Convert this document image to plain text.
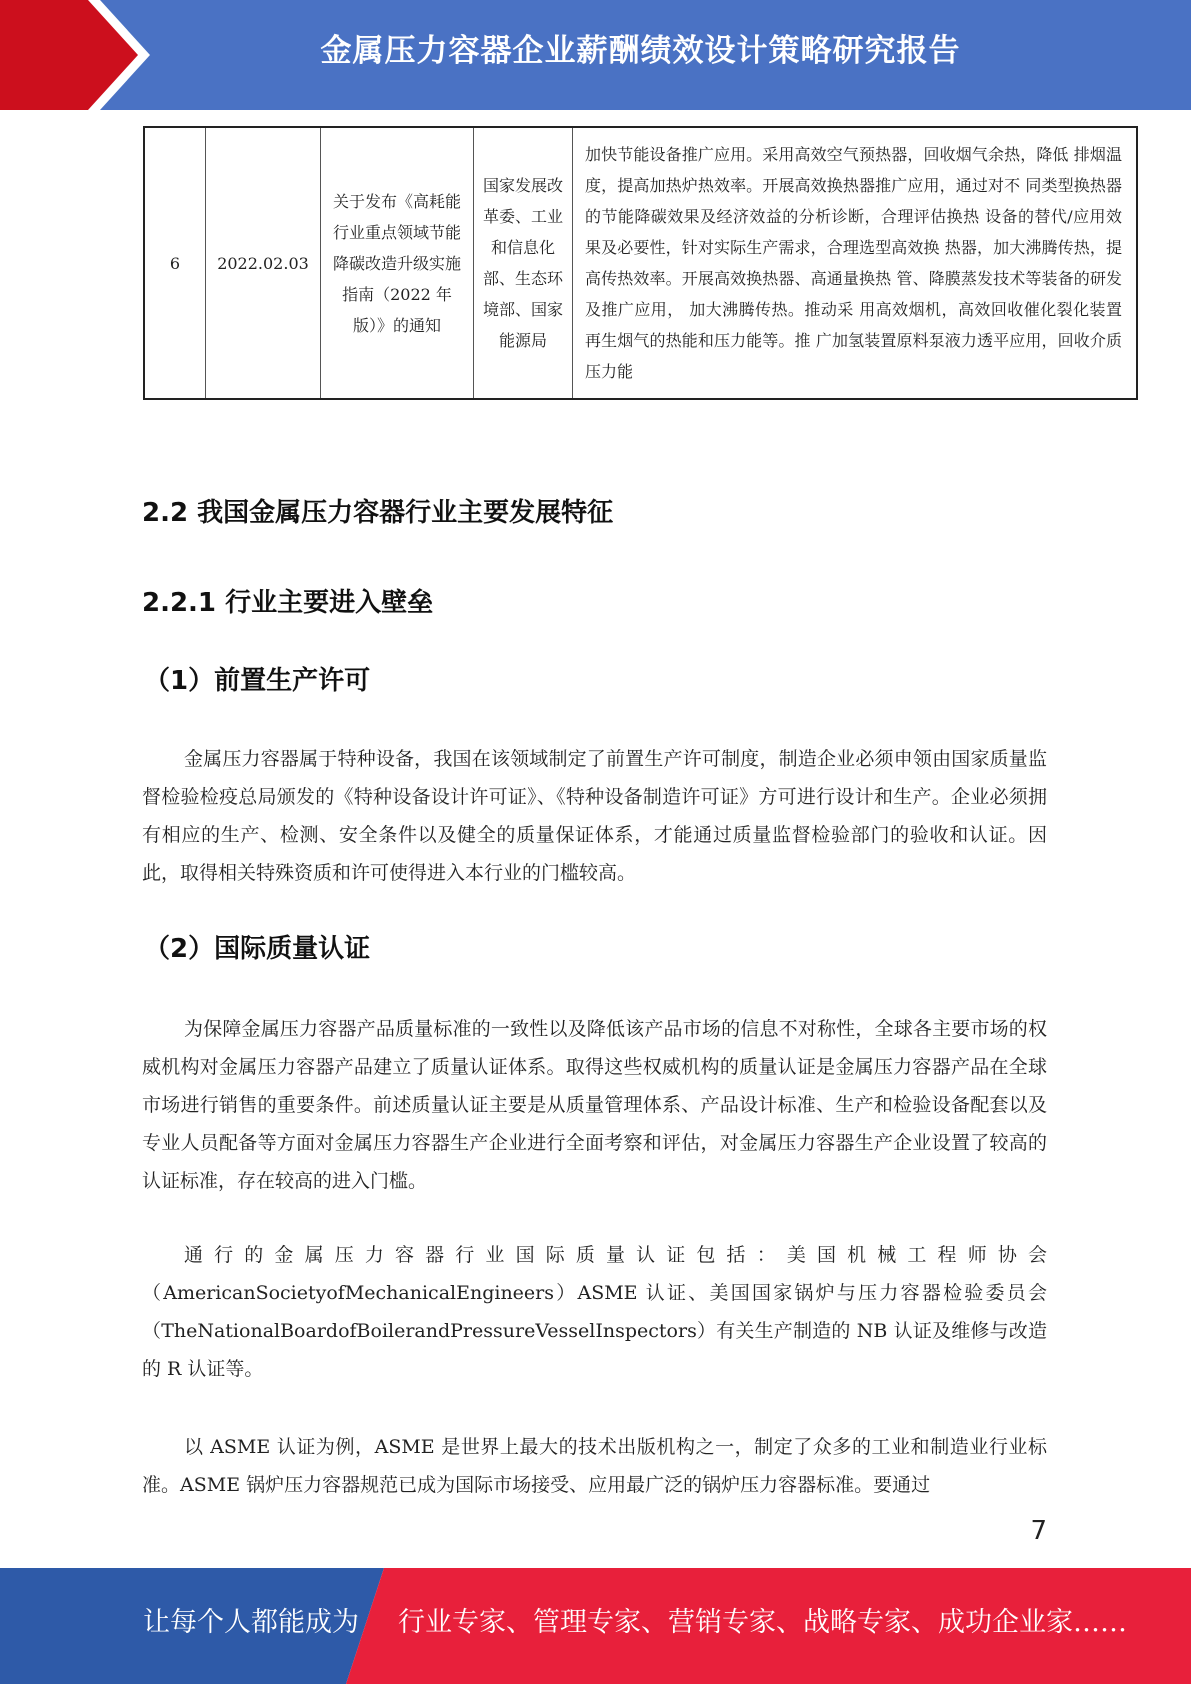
金属压力容器企业薪酬绩效设计策略研究报告
6	2022.02.03	关于发布《高耗能行业重点领域节能降碳改造升级实施指南（2022 年版）》的通知	国家发展改革委、工业和信息化部、生态环境部、国家能源局	加快节能设备推广应用。采用高效空气预热器，回收烟气余热，降低 排烟温度，提高加热炉热效率。开展高效换热器推广应用，通过对不 同类型换热器的节能降碳效果及经济效益的分析诊断，合理评估换热 设备的替代/应用效果及必要性，针对实际生产需求，合理选型高效换 热器，加大沸腾传热，提高传热效率。开展高效换热器、高通量换热 管、降膜蒸发技术等装备的研发及推广应用， 加大沸腾传热。推动采 用高效烟机，高效回收催化裂化装置再生烟气的热能和压力能等。推 广加氢装置原料泵液力透平应用，回收介质压力能
2.2 我国金属压力容器行业主要发展特征
2.2.1 行业主要进入壁垒
（1）前置生产许可

金属压力容器属于特种设备，我国在该领域制定了前置生产许可制度，制造企业必须申领由国家质量监督检验检疫总局颁发的《特种设备设计许可证》、《特种设备制造许可证》方可进行设计和生产。企业必须拥有相应的生产、检测、安全条件以及健全的质量保证体系，才能通过质量监督检验部门的验收和认证。因此，取得相关特殊资质和许可使得进入本行业的门槛较高。

（2）国际质量认证

为保障金属压力容器产品质量标准的一致性以及降低该产品市场的信息不对称性，全球各主要市场的权威机构对金属压力容器产品建立了质量认证体系。取得这些权威机构的质量认证是金属压力容器产品在全球市场进行销售的重要条件。前述质量认证主要是从质量管理体系、产品设计标准、生产和检验设备配套以及专业人员配备等方面对金属压力容器生产企业进行全面考察和评估，对金属压力容器生产企业设置了较高的认证标准，存在较高的进入门槛。

通行的金属压力容器行业国际质量认证包括：美国机械工程师协会（AmericanSocietyofMechanicalEngineers）ASME 认证、美国国家锅炉与压力容器检验委员会（TheNationalBoardofBoilerandPressureVesselInspectors）有关生产制造的 NB 认证及维修与改造的 R 认证等。

以 ASME 认证为例，ASME 是世界上最大的技术出版机构之一，制定了众多的工业和制造业行业标准。ASME 锅炉压力容器规范已成为国际市场接受、应用最广泛的锅炉压力容器标准。要通过

7
让每个人都能成为 行业专家、管理专家、营销专家、战略专家、成功企业家……
